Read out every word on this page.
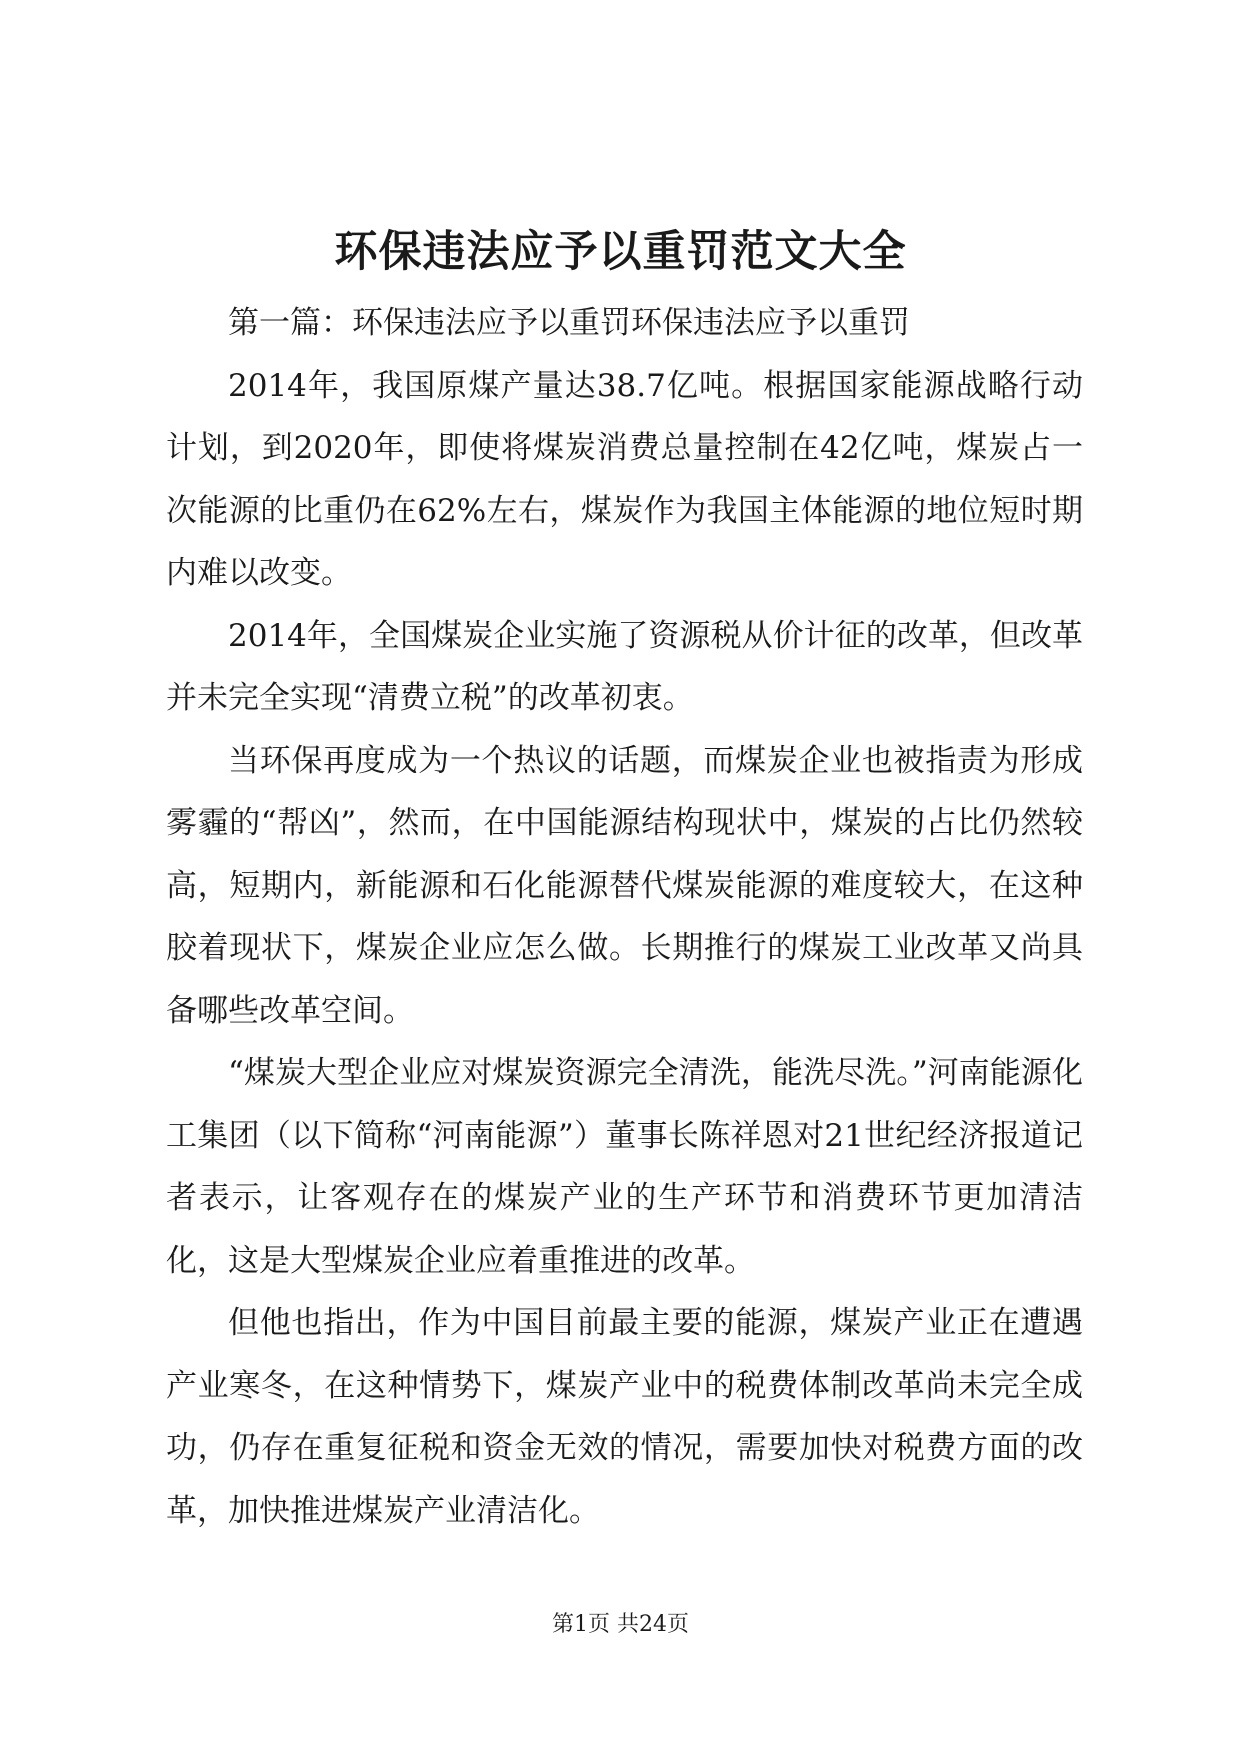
环保违法应予以重罚范文大全

第一篇：环保违法应予以重罚环保违法应予以重罚

2014年，我国原煤产量达38.7亿吨。根据国家能源战略行动计划，到2020年，即使将煤炭消费总量控制在42亿吨，煤炭占一次能源的比重仍在62%左右，煤炭作为我国主体能源的地位短时期内难以改变。

2014年，全国煤炭企业实施了资源税从价计征的改革，但改革并未完全实现“清费立税”的改革初衷。

当环保再度成为一个热议的话题，而煤炭企业也被指责为形成雾霾的“帮凶”，然而，在中国能源结构现状中，煤炭的占比仍然较高，短期内，新能源和石化能源替代煤炭能源的难度较大，在这种胶着现状下，煤炭企业应怎么做。长期推行的煤炭工业改革又尚具备哪些改革空间。

“煤炭大型企业应对煤炭资源完全清洗，能洗尽洗。”河南能源化工集团（以下简称“河南能源”）董事长陈祥恩对21世纪经济报道记者表示，让客观存在的煤炭产业的生产环节和消费环节更加清洁化，这是大型煤炭企业应着重推进的改革。

但他也指出，作为中国目前最主要的能源，煤炭产业正在遭遇产业寒冬，在这种情势下，煤炭产业中的税费体制改革尚未完全成功，仍存在重复征税和资金无效的情况，需要加快对税费方面的改革，加快推进煤炭产业清洁化。

第1页 共24页
